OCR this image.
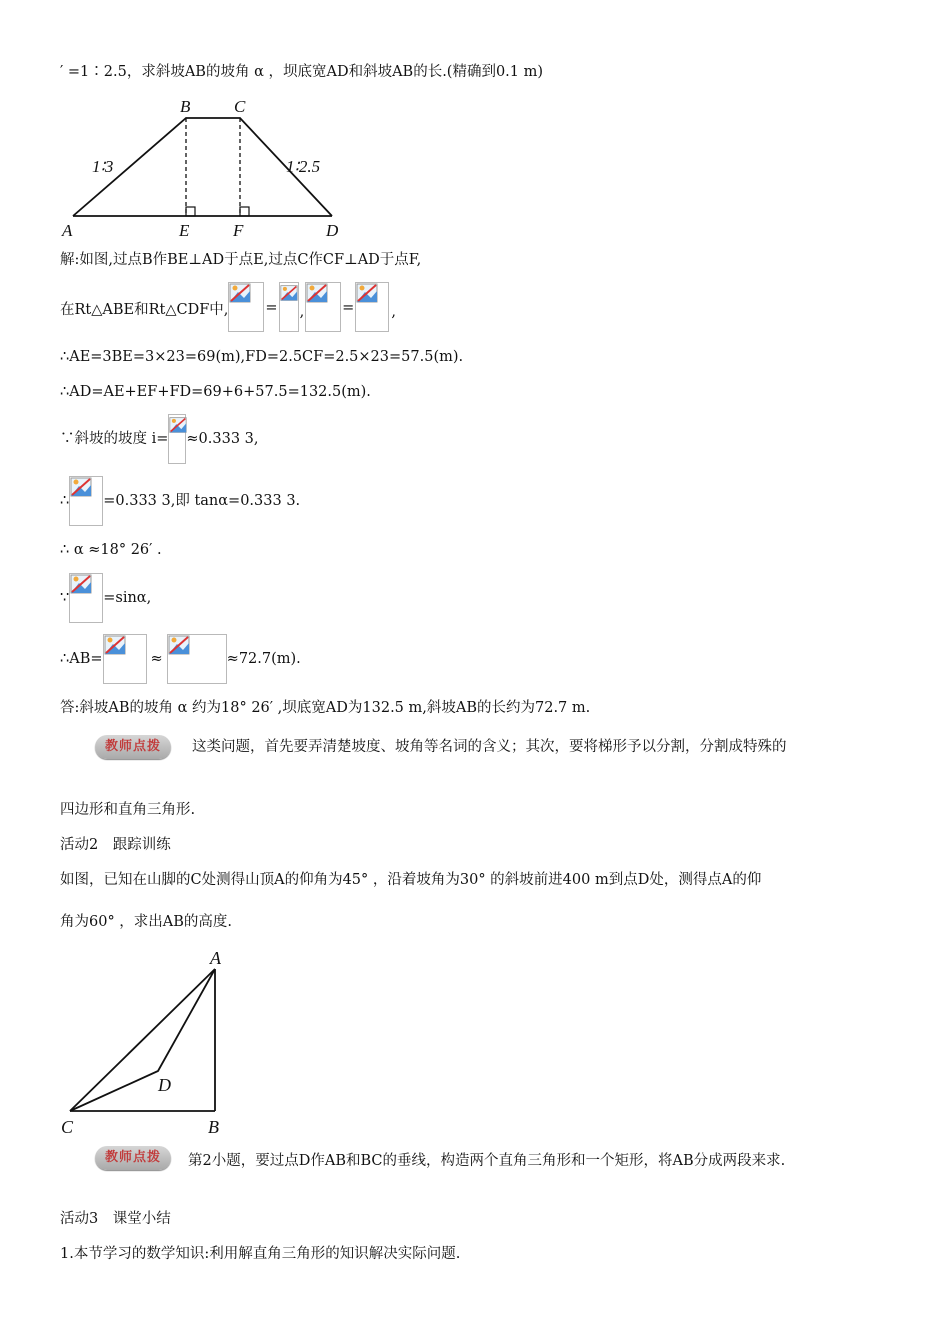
′ =1∶2.5，求斜坡AB的坡角 α ，坝底宽AD和斜坡AB的长.(精确到0.1 m)
B	C
A	E	F	D
1∶3	1∶2.5
解:如图,过点B作BE⊥AD于点E,过点C作CF⊥AD于点F,
在Rt△ABE和Rt△CDF中,	= ,	=	,
∴AE=3BE=3×23=69(m),FD=2.5CF=2.5×23=57.5(m).
∴AD=AE+EF+FD=69+6+57.5=132.5(m).
∵斜坡的坡度 i= ≈0.333 3,
∴ =0.333 3,即 tanα=0.333 3.
∴ α ≈18° 26′ .
∵ =sinα,
∴AB=	≈	≈72.7(m).
答:斜坡AB的坡角 α 约为18° 26′ ,坝底宽AD为132.5 m,斜坡AB的长约为72.7 m.
教师点拨	这类问题，首先要弄清楚坡度、坡角等名词的含义；其次，要将梯形予以分割，分割成特殊的
四边形和直角三角形.
活动2　跟踪训练
如图，已知在山脚的C处测得山顶A的仰角为45° ，沿着坡角为30° 的斜坡前进400 m到点D处，测得点A的仰
角为60° ，求出AB的高度.
A
D
C	B
教师点拨	第2小题，要过点D作AB和BC的垂线，构造两个直角三角形和一个矩形，将AB分成两段来求.
活动3　课堂小结
1.本节学习的数学知识:利用解直角三角形的知识解决实际问题.
